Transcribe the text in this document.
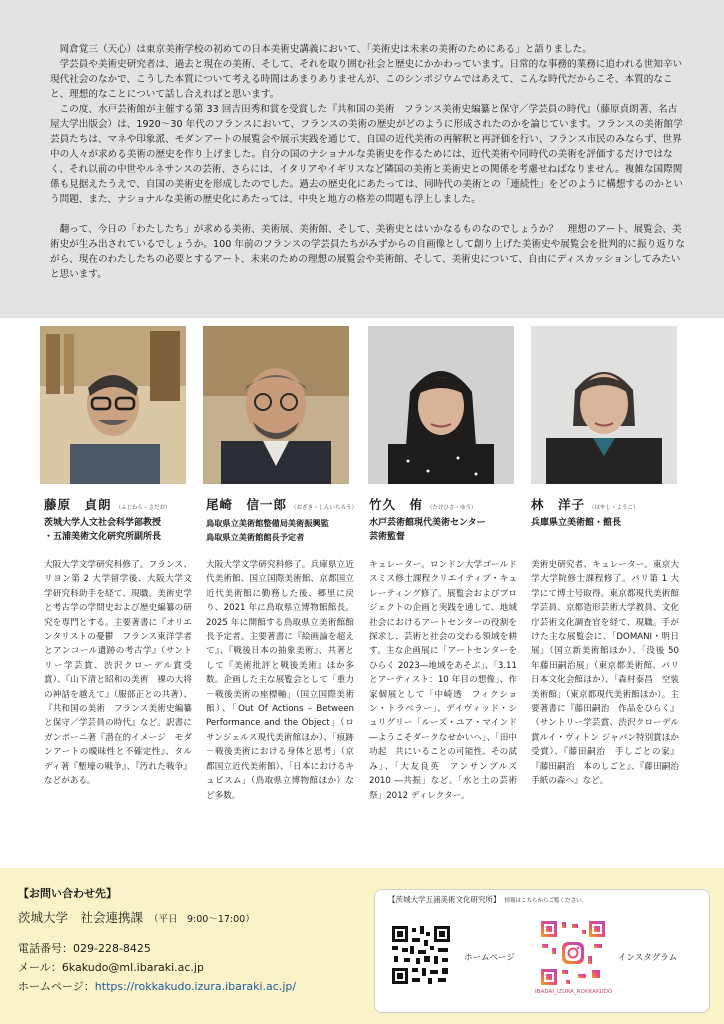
岡倉覚三（天心）は東京美術学校の初めての日本美術史講義において、「美術史は未来の美術のためにある」と語りました。

学芸員や美術史研究者は、過去と現在の美術、そして、それを取り囲む社会と歴史にかかわっています。日常的な事務的業務に追われる世知辛い現代社会のなかで、こうした本質について考える時間はあまりありませんが、このシンポジウムではあえて、こんな時代だからこそ、本質的なこと、理想的なことについて話し合えればと思います。

この度、水戸芸術館が主催する第 33 回吉田秀和賞を受賞した『共和国の美術　フランス美術史編纂と保守／学芸員の時代』（藤原貞朗著、名古屋大学出版会）は、1920〜30 年代のフランスにおいて、フランスの美術の歴史がどのように形成されたのかを論じています。フランスの美術館学芸員たちは、マネや印象派、モダンアートの展覧会や展示実践を通じて、自国の近代美術の再解釈と再評価を行い、フランス市民のみならず、世界中の人々が求める美術の歴史を作り上げました。自分の国のナショナルな美術史を作るためには、近代美術や同時代の美術を評価するだけではなく、それ以前の中世やルネサンスの芸術、さらには、イタリアやイギリスなど隣国の美術と美術史との関係を考慮せねばなりません。複雑な国際関係も見据えたうえで、自国の美術史を形成したのでした。過去の歴史化にあたっては、同時代の美術との「連続性」をどのように構想するのかという問題、また、ナショナルな美術の歴史化にあたっては、中央と地方の格差の問題も浮上しました。

翻って、今日の「わたしたち」が求める美術、美術展、美術館、そして、美術史とはいかなるものなのでしょうか？　理想のアート、展覧会、美術史が生み出されているでしょうか。100 年前のフランスの学芸員たちがみずからの自画像として創り上げた美術史や展覧会を批判的に振り返りながら、現在のわたしたちの必要とするアート、未来のための理想の展覧会や美術館、そして、美術史について、自由にディスカッションしてみたいと思います。

藤原　貞朗 （ふじわら・さだお）
茨城大学人文社会科学部教授
・五浦美術文化研究所副所長
尾崎　信一郎 （おざき・しんいちろう）
鳥取県立美術館整備局美術振興監
鳥取県立美術館館長予定者
竹久　侑 （たけひさ・ゆう）
水戸芸術館現代美術センター
芸術監督
林　洋子 （はやし・ようこ）
兵庫県立美術館・館長
大阪大学文学研究科修了。フランス、リヨン第 2 大学留学後、大阪大学文学研究科助手を経て、現職。美術史学と考古学の学問史および歴史編纂の研究を専門とする。主要著書に『オリエンタリストの憂鬱　フランス東洋学者とアンコール遺跡の考古学』（サントリー学芸賞、渋沢クローデル賞受賞）、『山下清と昭和の美術　裸の大将の神話を越えて』（服部正との共著）、『共和国の美術　フランス美術史編纂と保守／学芸員の時代』など。訳書にガンボーニ著『潜在的イメージ　モダンアートの曖昧性と不確定性』、タルディ著『塹壕の戦争』、『汚れた戦争』などがある。
大阪大学文学研究科修了。兵庫県立近代美術館、国立国際美術館、京都国立近代美術館に勤務した後、郷里に戻り、2021 年に鳥取県立博物館館長。2025 年に開館する鳥取県立美術館館長予定者。主要著書に『絵画論を超えて』、『戦後日本の抽象美術』、共著として『美術批評と戦後美術』ほか多数。企画した主な展覧会として「重力－戦後美術の座標軸」（国立国際美術館）、「Out Of Actions – Between Performance and the Object」（ロサンジェルス現代美術館ほか）、「痕跡－戦後美術における身体と思考」（京都国立近代美術館）、「日本におけるキュビスム」（鳥取県立博物館ほか）など多数。
キュレーター。ロンドン大学ゴールドスミス修士課程クリエイティブ・キュレーティング修了。展覧会およびプロジェクトの企画と実践を通して、地域社会におけるアートセンターの役割を探求し、芸術と社会の交わる領域を耕す。主な企画展に「アートセンターをひらく 2023―地域をあそぶ」、「3.11 とアーティスト：10 年目の想像」、作家個展として「中崎透　フィクション・トラベラー」、デイヴィッド・シュリグリー「ルーズ・ユア・マインド―ようこそダークなせかいへ」、「田中功起　共にいることの可能性、その試み」、「大友良英　アンサンブルズ 2010 ―共振」など。「水と土の芸術祭」2012 ディレクター。
美術史研究者、キュレーター。東京大学大学院修士課程修了。パリ第 1 大学にて博士号取得。東京都現代美術館学芸員、京都造形芸術大学教員、文化庁芸術文化調査官を経て、現職。手がけた主な展覧会に、「DOMANI・明日展」（国立新美術館ほか）、「没後 50 年藤田嗣治展」（東京都美術館、パリ日本文化会館ほか）、「森村泰昌　空装美術館」（東京都現代美術館ほか）。主要著書に『藤田嗣治　作品をひらく』（サントリー学芸賞、渋沢クローデル賞ルイ・ヴィトン ジャパン特別賞ほか受賞）、『藤田嗣治　手しごとの家』『藤田嗣治　本のしごと』、『藤田嗣治　手紙の森へ』など。
【お問い合わせ先】
茨城大学　社会連携課 （平日　9:00〜17:00）
電話番号：029-228-8425
メール：6kakudo@ml.ibaraki.ac.jp
ホームページ：https://rokkakudo.izura.ibaraki.ac.jp/
【茨城大学五浦美術文化研究所】 情報はこちらからご覧ください。
ホームページ
IBADAI_IZURA_ROKKAKUDO
インスタグラム
